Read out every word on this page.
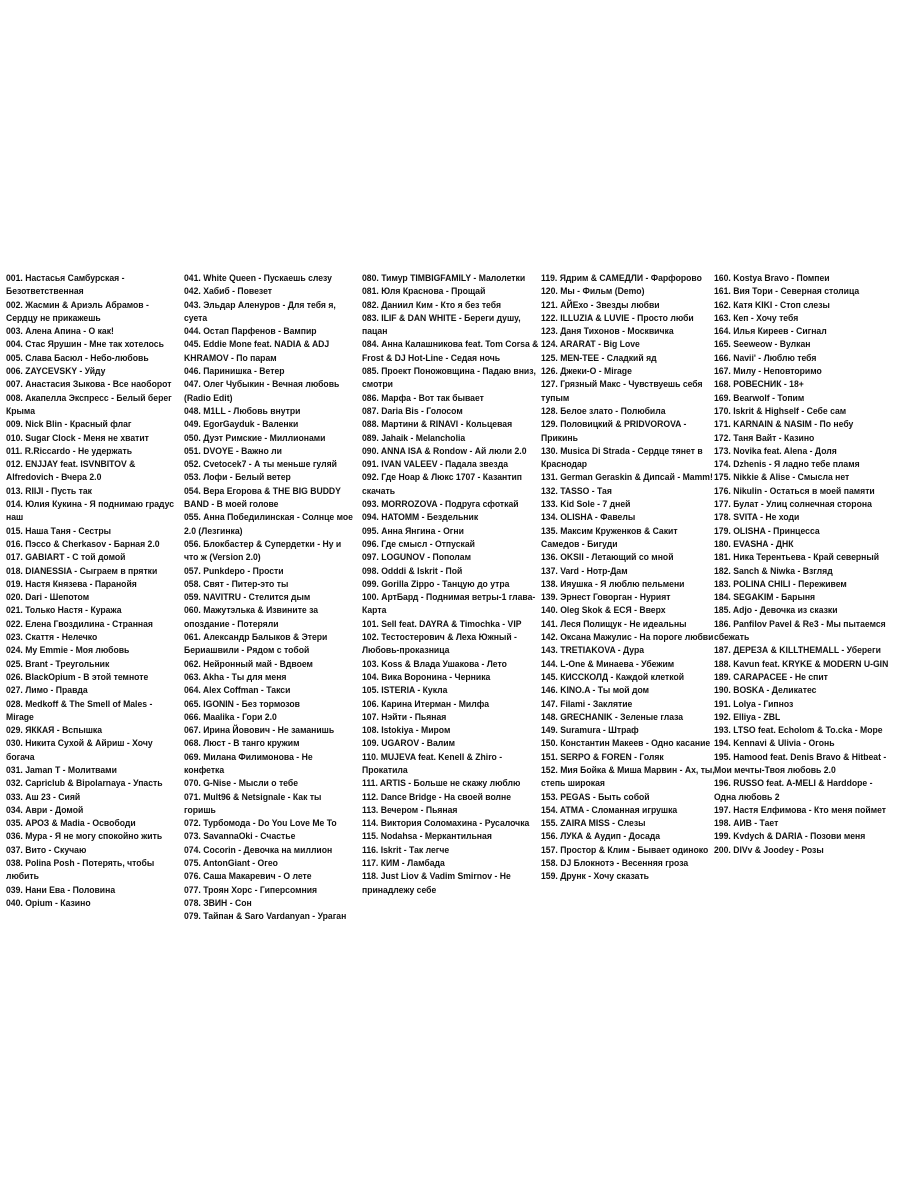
001. Настасья Самбурская - Безответственная
002. Жасмин & Ариэль Абрамов - Сердцу не прикажешь
003. Алена Апина - О как!
004. Стас Ярушин - Мне так хотелось
005. Слава Басюл - Небо-любовь
006. ZAYCEVSKY - Уйду
007. Анастасия Зыкова - Все наоборот
008. Акапелла Экспресс - Белый берег Крыма
009. Nick Blin - Красный флаг
010. Sugar Clock - Меня не хватит
011. R.Riccardo - Не удержать
012. ENJJAY feat. ISVNBITOV & Alfredovich - Вчера 2.0
013. RIIJI - Пусть так
014. Юлия Кукина - Я поднимаю градус наш
015. Наша Таня - Сестры
016. Пэссо & Cherkasov - Барная 2.0
017. GABIART - С той домой
018. DIANESSIA - Сыграем в прятки
019. Настя Князева - Паранойя
020. Dari - Шепотом
021. Только Настя - Куража
022. Елена Гвоздилина - Странная
023. Скаття - Нелечко
024. My Emmie - Моя любовь
025. Brant - Треугольник
026. BlackOpium - В этой темноте
027. Лимо - Правда
028. Medkoff & The Smell of Males - Mirage
029. ЯККАЯ - Вспышка
030. Никита Сухой & Айриш - Хочу богача
031. Jaman T - Молитвами
032. Capriclub & Bipolarnaya - Упасть
033. Аш 23 - Сияй
034. Аври - Домой
035. АРОЗ & Madia - Освободи
036. Мура - Я не могу спокойно жить
037. Вито - Скучаю
038. Polina Posh - Потерять, чтобы любить
039. Нани Ева - Половина
040. Opium - Казино
041. White Queen - Пускаешь слезу
042. Хабиб - Повезет
043. Эльдар Аленуров - Для тебя я, суета
044. Остап Парфенов - Вампир
045. Eddie Mone feat. NADIA & ADJ KHRAMOV - По парам
046. Паринишка - Ветер
047. Олег Чубыкин - Вечная любовь (Radio Edit)
048. M1LL - Любовь внутри
049. EgorGayduk - Валенки
050. Дуэт Римские - Миллионами
051. DVOYE - Важно ли
052. Cvetocek7 - А ты меньше гуляй
053. Лофи - Белый ветер
054. Вера Егорова & THE BIG BUDDY BAND - В моей голове
055. Анна Победилинская - Солнце мое 2.0 (Лезгинка)
056. Блокбастер & Супердетки - Ну и что ж (Version 2.0)
057. Punkdepo - Прости
058. Свят - Питер-это ты
059. NAVITRU - Стелится дым
060. Мажутэлька & Извините за опоздание - Потеряли
061. Александр Балыков & Этери Бериашвили - Рядом с тобой
062. Нейронный май - Вдвоем
063. Akha - Ты для меня
064. Alex Coffman - Такси
065. IGONIN - Без тормозов
066. Maalika - Гори 2.0
067. Ирина Йовович - Не заманишь
068. Люст - В танго кружим
069. Милана Филимонова - Не конфетка
070. G-Nise - Мысли о тебе
071. Mult96 & Netsignale - Как ты горишь
072. Турбомода - Do You Love Me To
073. SavannaOki - Счастье
074. Cocorin - Девочка на миллион
075. AntonGiant - Огео
076. Саша Макаревич - О лете
077. Троян Хорс - Гиперсомния
078. ЗВИН - Сон
079. Тайпан & Saro Vardanyan - Ураган
080. Тимур TIMBIGFAMILY - Малолетки
081. Юля Краснова - Прощай
082. Даниил Ким - Кто я без тебя
083. ILIF & DAN WHITE - Береги душу, пацан
084. Анна Калашникова feat. Tom Corsa & Frost & DJ Hot-Line - Седая ночь
085. Проект Поножовщина - Падаю вниз, смотри
086. Марфа - Вот так бывает
087. Daria Bis - Голосом
088. Мартини & RINAVI - Кольцевая
089. Jahaik - Melancholia
090. ANNA ISA & Rondow - Ай люли 2.0
091. IVAN VALEEV - Падала звезда
092. Где Ноар & Люкс 1707 - Казантип скачать
093. MORROZOVA - Подруга сфоткай
094. HATOMM - Бездельник
095. Анна Янгина - Огни
096. Где смысл - Отпускай
097. LOGUNOV - Пополам
098. Odddi & Iskrit - Пой
099. Gorilla Zippo - Танцую до утра
100. АртБард - Поднимая ветры-1 глава-Карта
101. Sell feat. DAYRA & Timochka - VIP
102. Тестостерович & Леха Южный - Любовь-проказница
103. Koss & Влада Ушакова - Лето
104. Вика Воронина - Черника
105. ISTERIA - Кукла
106. Карина Итерман - Милфа
107. Нэйти - Пьяная
108. Istokiya - Миром
109. UGAROV - Валим
110. MUJEVA feat. Kenell & Zhiro - Прокатила
111. ARTIS - Больше не скажу люблю
112. Dance Bridge - На своей волне
113. Вечером - Пьяная
114. Виктория Соломахина - Русалочка
115. Nodahsa - Меркантильная
116. Iskrit - Так легче
117. КИМ - Ламбада
118. Just Liov & Vadim Smirnov - Не принадлежу себе
119. Ядрим & САМЕДЛИ - Фарфорово
120. Мы - Фильм (Demo)
121. АЙЕхо - Звезды любви
122. ILLUZIA & LUVIE - Просто люби
123. Даня Тихонов - Москвичка
124. ARARAT - Big Love
125. MEN-TEE - Сладкий яд
126. Джеки-О - Mirage
127. Грязный Макс - Чувствуешь себя тупым
128. Белое злато - Полюбила
129. Половицкий & PRIDVOROVA - Прикинь
130. Musica Di Strada - Сердце тянет в Краснодар
131. German Geraskin & Дипсай - Mamm!
132. TASSO - Тая
133. Kid Sole - 7 дней
134. OLISHA - Фавелы
135. Максим Круженков & Сакит Самедов - Бигуди
136. OKSII - Летающий со мной
137. Vard - Нотр-Дам
138. Ияушка - Я люблю пельмени
139. Эрнест Говорган - Нурият
140. Oleg Skok & ЕСЯ - Вверх
141. Леся Полищук - Не идеальны
142. Оксана Мажулис - На пороге любви
143. TRETIAKOVA - Дура
144. L-One & Минаева - Убежим
145. КИССКОЛД - Каждой клеткой
146. KINO.A - Ты мой дом
147. Filami - Заклятие
148. GRECHANIK - Зеленые глаза
149. Suramura - Штраф
150. Константин Макеев - Одно касание
151. SERPO & FOREN - Голяк
152. Мия Бойка & Миша Марвин - Ах, ты, степь широкая
153. PEGAS - Быть собой
154. ATMA - Сломанная игрушка
155. ZAIRA MISS - Слезы
156. ЛУКА & Аудип - Досада
157. Простор & Клим - Бывает одиноко
158. DJ Блокнотэ - Весенняя гроза
159. Друнк - Хочу сказать
160. Kostya Bravo - Помпеи
161. Вия Тори - Северная столица
162. Катя KIKI - Стоп слезы
163. Кеп - Хочу тебя
164. Илья Киреев - Сигнал
165. Seeweow - Вулкан
166. Navii' - Люблю тебя
167. Милу - Неповторимо
168. РОВЕСНИК - 18+
169. Bearwolf - Топим
170. Iskrit & Highself - Себе сам
171. KARNAIN & NASIM - По небу
172. Таня Вайт - Казино
173. Novika feat. Alena - Доля
174. Dzhenis - Я ладно тебе пламя
175. Nikkie & Alise - Смысла нет
176. Nikulin - Остаться в моей памяти
177. Булат - Улиц солнечная сторона
178. SVITA - Не ходи
179. OLISHA - Принцесса
180. EVASHA - ДНК
181. Ника Терентьева - Край северный
182. Sanch & Niwka - Взгляд
183. POLINA CHILI - Переживем
184. SEGAKIM - Барыня
185. Adjo - Девочка из сказки
186. Panfilov Pavel & Re3 - Мы пытаемся сбежать
187. ДЕРЕЗА & KILLTHEMALL - Убереги
188. Kavun feat. KRYKE & MODERN U-GIN
189. CARAPACEE - Не спит
190. BOSKA - Деликатес
191. Lolya - Гипноз
192. Elliya - ZBL
193. LTSO feat. Echolom & To.cka - Море
194. Kennavi & Ulivia - Огонь
195. Hamood feat. Denis Bravo & Hitbeat - Мои мечты-Твоя любовь 2.0
196. RUSSO feat. A-MELI & Harddope - Одна любовь 2
197. Настя Елфимова - Кто меня поймет
198. АИВ - Тает
199. Kvdych & DARIA - Позови меня
200. DIVv & Joodey - Розы
